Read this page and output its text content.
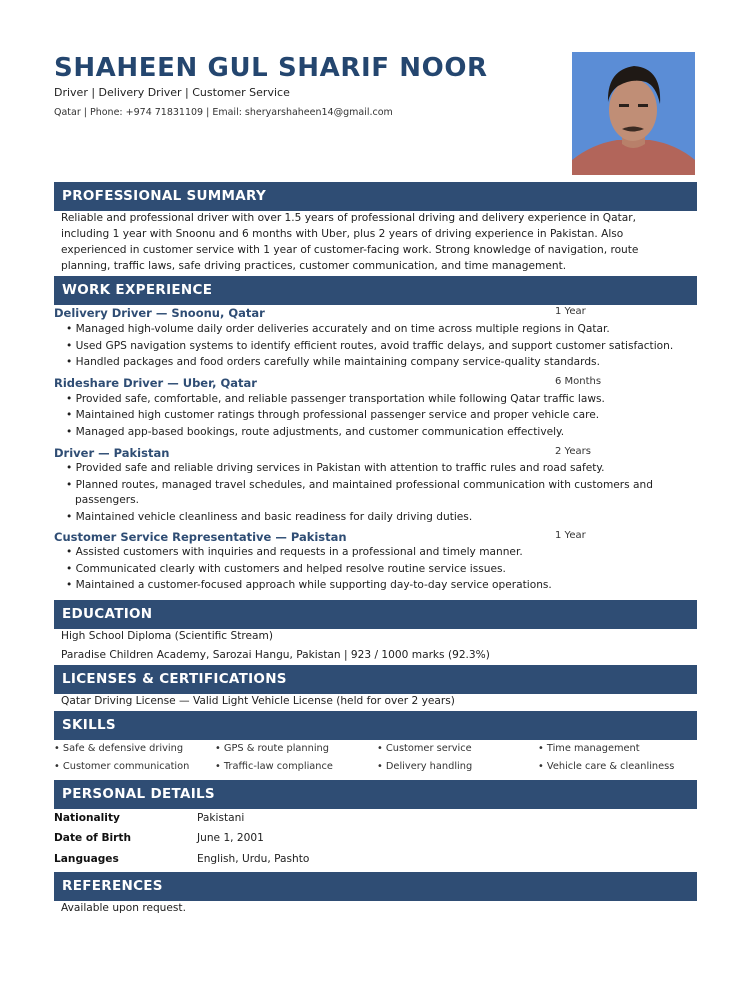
SHAHEEN GUL SHARIF NOOR
Driver | Delivery Driver | Customer Service
Qatar | Phone: +974 71831109 | Email: sheryarshaheen14@gmail.com
PROFESSIONAL SUMMARY
Reliable and professional driver with over 1.5 years of professional driving and delivery experience in Qatar,
including 1 year with Snoonu and 6 months with Uber, plus 2 years of driving experience in Pakistan. Also
experienced in customer service with 1 year of customer-facing work. Strong knowledge of navigation, route
planning, traffic laws, safe driving practices, customer communication, and time management.
WORK EXPERIENCE
Delivery Driver — Snoonu, Qatar	1 Year
• Managed high-volume daily order deliveries accurately and on time across multiple regions in Qatar.
• Used GPS navigation systems to identify efficient routes, avoid traffic delays, and support customer satisfaction.
• Handled packages and food orders carefully while maintaining company service-quality standards.
Rideshare Driver — Uber, Qatar	6 Months
• Provided safe, comfortable, and reliable passenger transportation while following Qatar traffic laws.
• Maintained high customer ratings through professional passenger service and proper vehicle care.
• Managed app-based bookings, route adjustments, and customer communication effectively.
Driver — Pakistan	2 Years
• Provided safe and reliable driving services in Pakistan with attention to traffic rules and road safety.
• Planned routes, managed travel schedules, and maintained professional communication with customers and
passengers.
• Maintained vehicle cleanliness and basic readiness for daily driving duties.
Customer Service Representative — Pakistan	1 Year
• Assisted customers with inquiries and requests in a professional and timely manner.
• Communicated clearly with customers and helped resolve routine service issues.
• Maintained a customer-focused approach while supporting day-to-day service operations.
EDUCATION
High School Diploma (Scientific Stream)
Paradise Children Academy, Sarozai Hangu, Pakistan | 923 / 1000 marks (92.3%)
LICENSES & CERTIFICATIONS
Qatar Driving License — Valid Light Vehicle License (held for over 2 years)
SKILLS
• Safe & defensive driving	• GPS & route planning	• Customer service	• Time management
• Customer communication	• Traffic-law compliance	• Delivery handling	• Vehicle care & cleanliness
PERSONAL DETAILS
Nationality	Pakistani
Date of Birth	June 1, 2001
Languages	English, Urdu, Pashto
REFERENCES
Available upon request.
